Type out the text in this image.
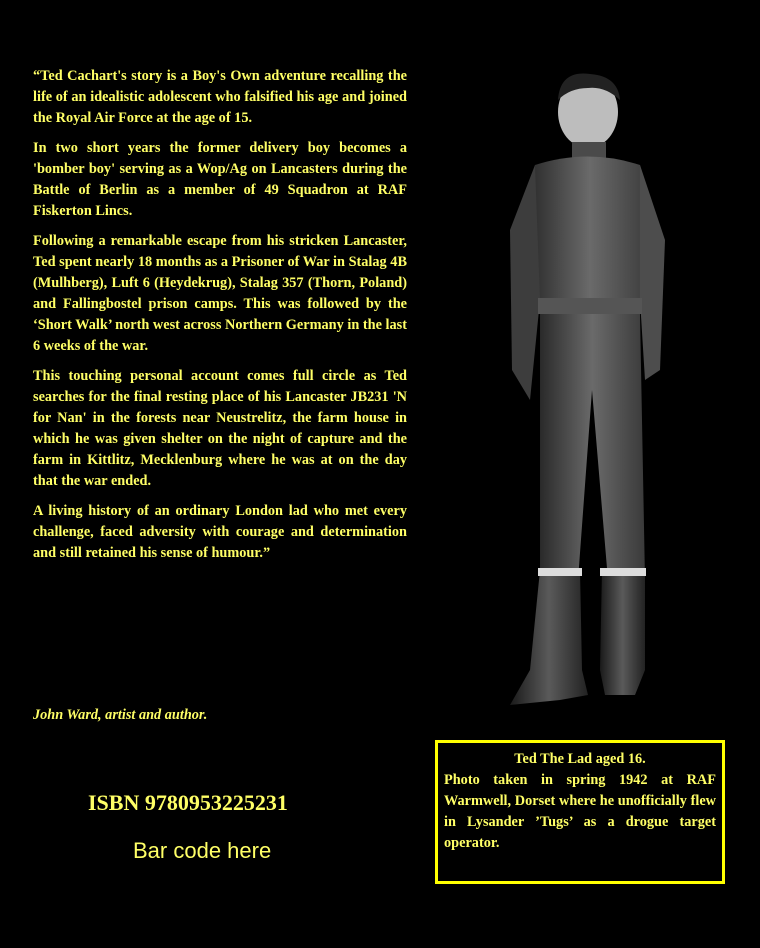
“Ted Cachart's story is a Boy's Own adventure recalling the life of an idealistic adolescent who falsified his age and joined the Royal Air Force at the age of 15.

In two short years the former delivery boy becomes a 'bomber boy' serving as a Wop/Ag on Lancasters during the Battle of Berlin as a member of 49 Squadron at RAF Fiskerton Lincs.

Following a remarkable escape from his stricken Lancaster, Ted spent nearly 18 months as a Prisoner of War in Stalag 4B (Mulhberg), Luft 6 (Heydekrug), Stalag 357 (Thorn, Poland) and Fallingbostel prison camps. This was followed by the ‘Short Walk’ north west across Northern Germany in the last 6 weeks of the war.

This touching personal account comes full circle as Ted searches for the final resting place of his Lancaster JB231 'N for Nan' in the forests near Neustrelitz, the farm house in which he was given shelter on the night of capture and the farm in Kittlitz, Mecklenburg where he was at on the day that the war ended.

A living history of an ordinary London lad who met every challenge, faced adversity with courage and determination and still retained his sense of humour.”

John Ward, artist and author.
ISBN 9780953225231
Bar code here
Ted The Lad aged 16.
Photo taken in spring 1942 at RAF Warmwell, Dorset where he unofficially flew in Lysander ’Tugs’ as a drogue target operator.
